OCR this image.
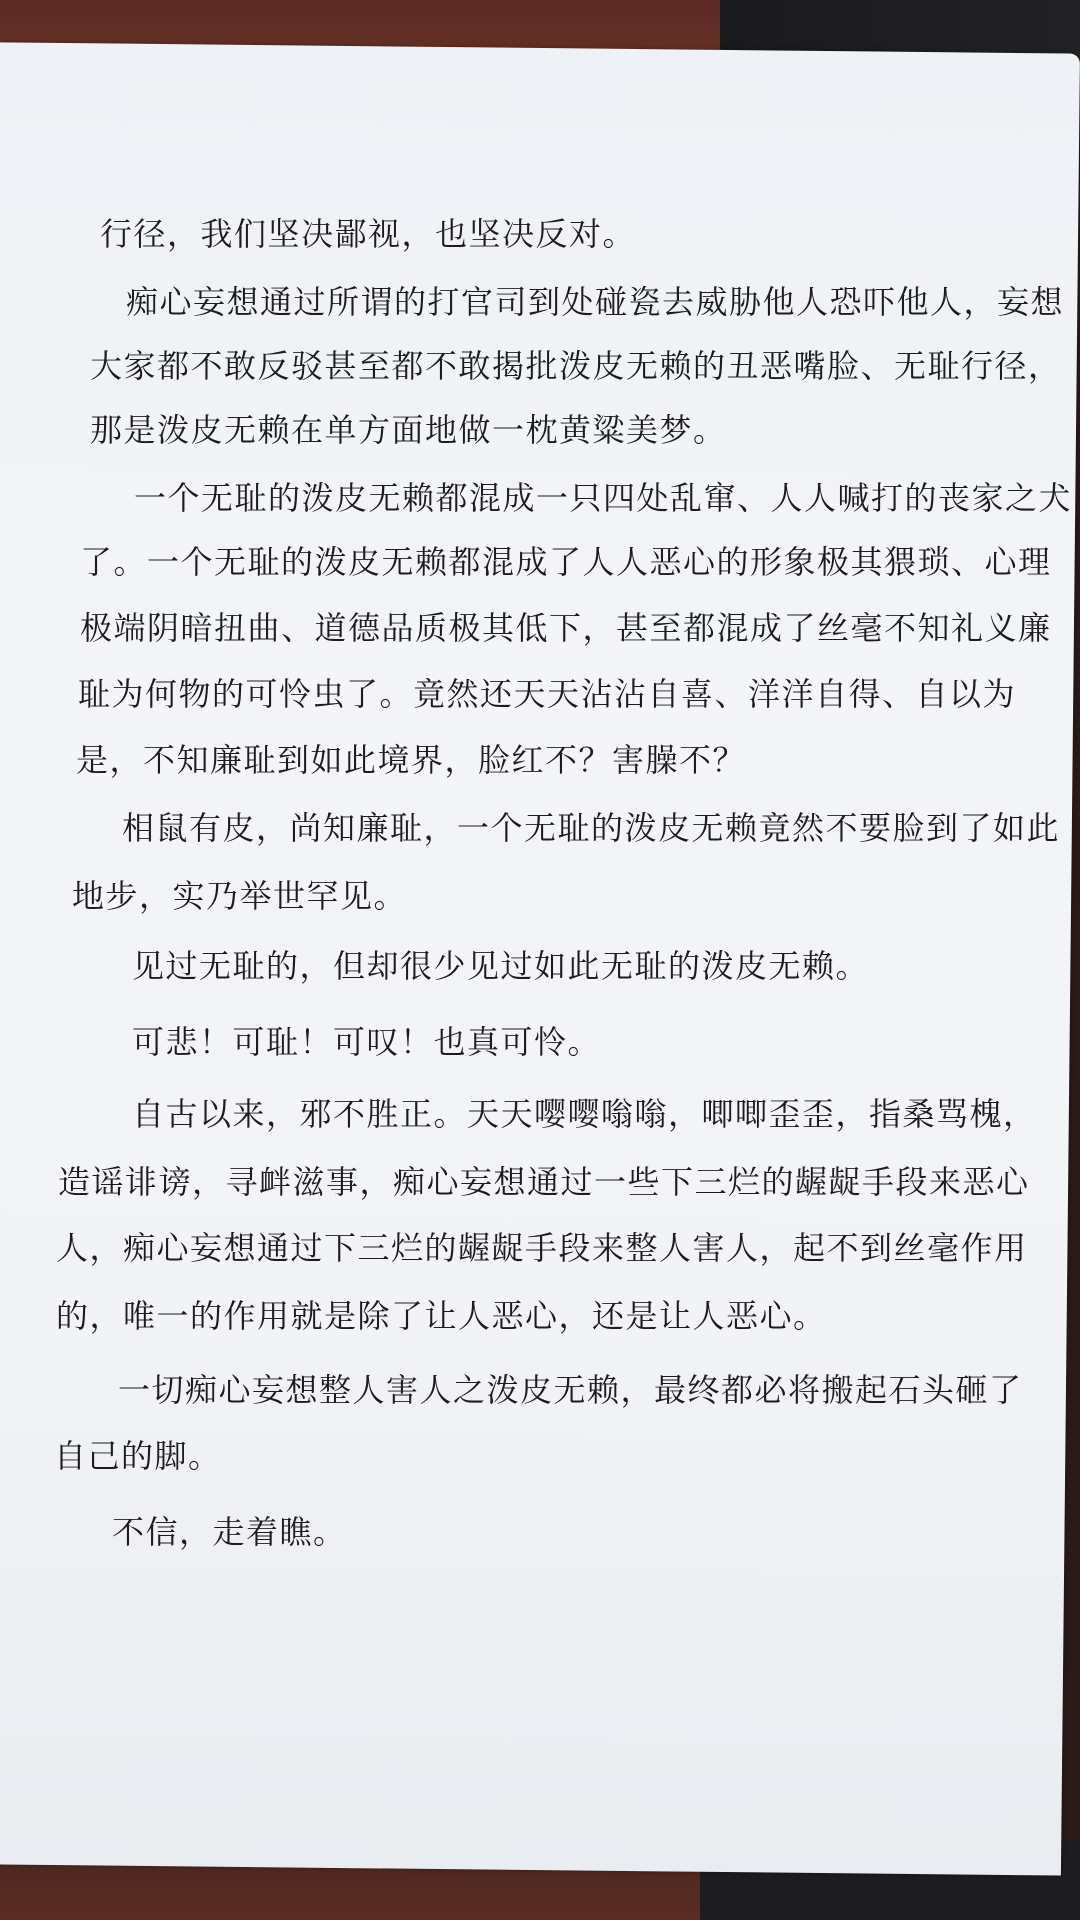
行径，我们坚决鄙视，也坚决反对。
痴心妄想通过所谓的打官司到处碰瓷去威胁他人恐吓他人，妄想
大家都不敢反驳甚至都不敢揭批泼皮无赖的丑恶嘴脸、无耻行径，
那是泼皮无赖在单方面地做一枕黄粱美梦。
一个无耻的泼皮无赖都混成一只四处乱窜、人人喊打的丧家之犬
了。一个无耻的泼皮无赖都混成了人人恶心的形象极其猥琐、心理
极端阴暗扭曲、道德品质极其低下，甚至都混成了丝毫不知礼义廉
耻为何物的可怜虫了。竟然还天天沾沾自喜、洋洋自得、自以为
是，不知廉耻到如此境界，脸红不？害臊不？
相鼠有皮，尚知廉耻，一个无耻的泼皮无赖竟然不要脸到了如此
地步，实乃举世罕见。
见过无耻的，但却很少见过如此无耻的泼皮无赖。
可悲！可耻！可叹！也真可怜。
自古以来，邪不胜正。天天嘤嘤嗡嗡，唧唧歪歪，指桑骂槐，
造谣诽谤，寻衅滋事，痴心妄想通过一些下三烂的龌龊手段来恶心
人，痴心妄想通过下三烂的龌龊手段来整人害人，起不到丝毫作用
的，唯一的作用就是除了让人恶心，还是让人恶心。
一切痴心妄想整人害人之泼皮无赖，最终都必将搬起石头砸了
自己的脚。
不信，走着瞧。
